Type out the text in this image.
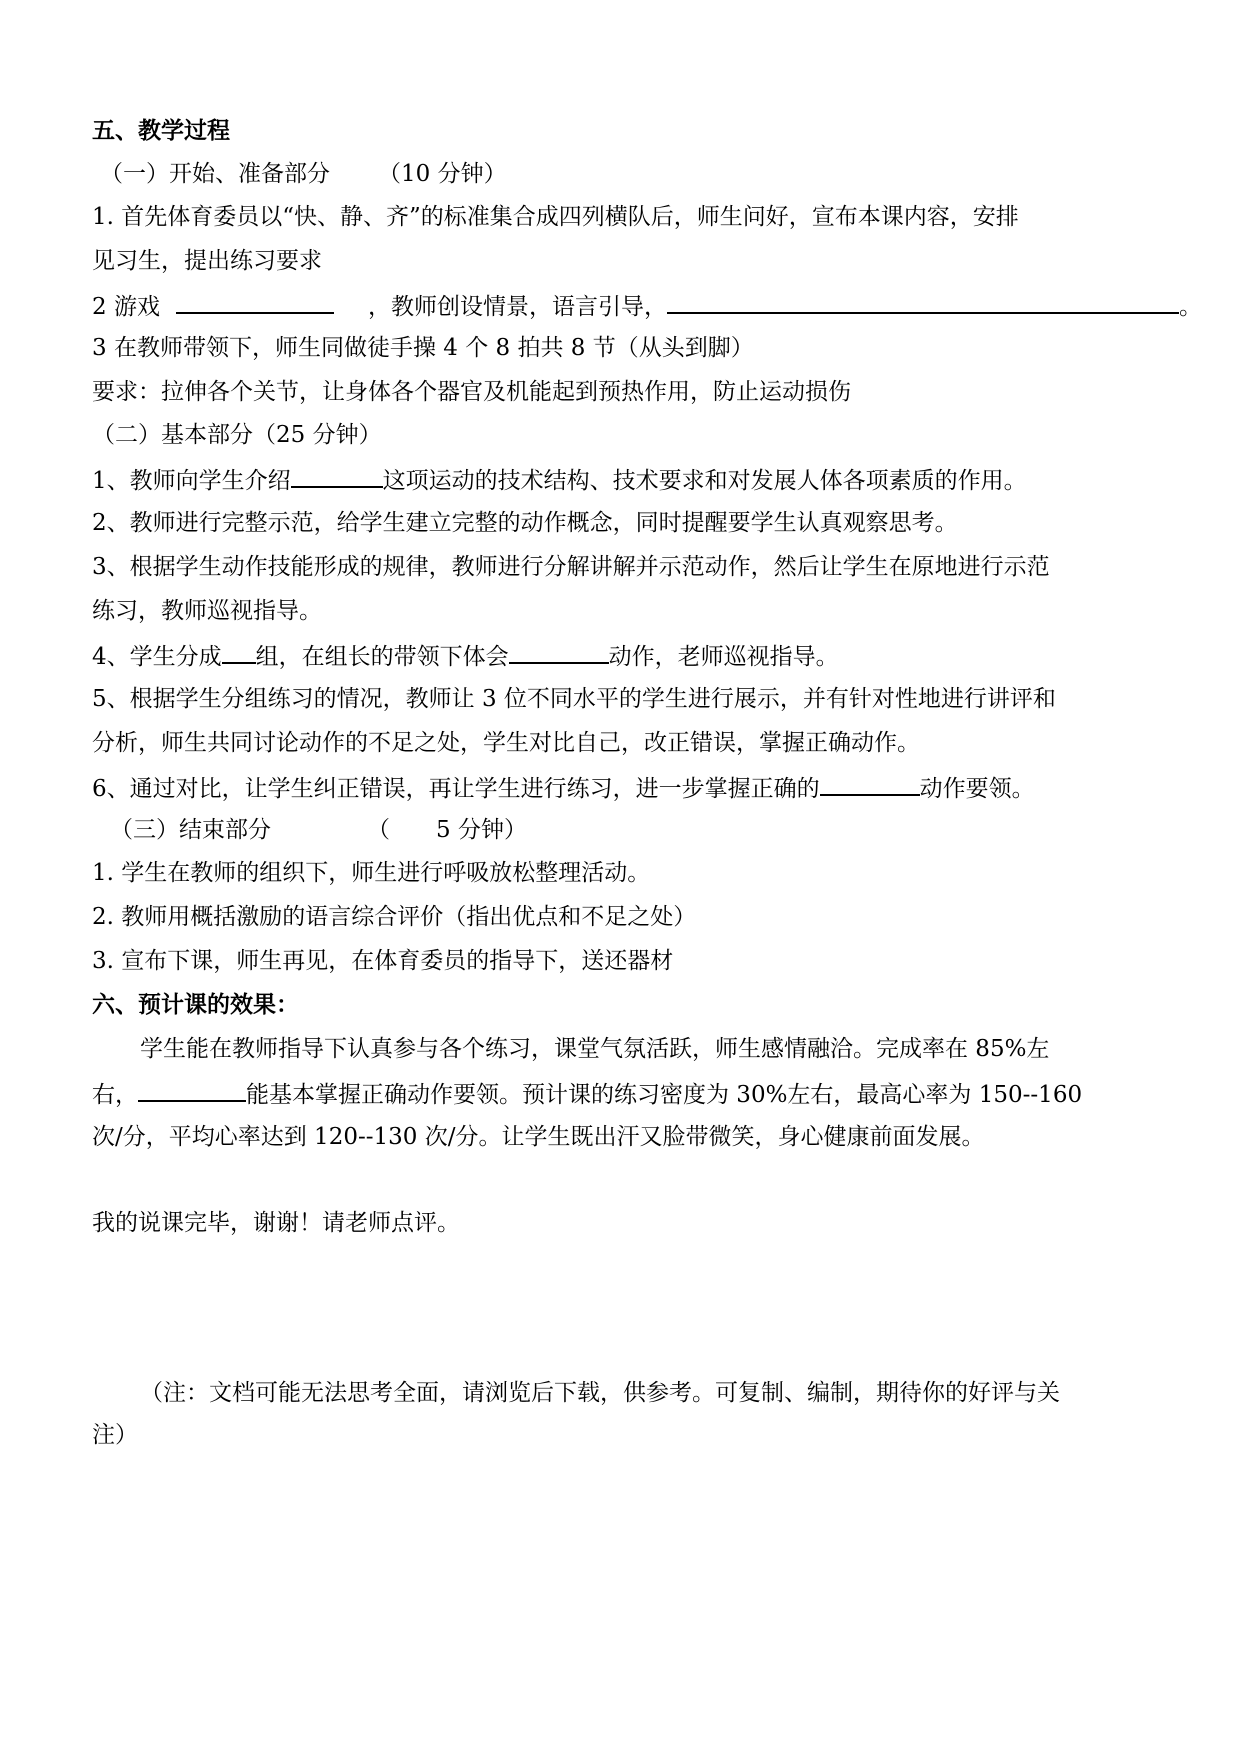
五、教学过程
（一）开始、准备部分 （10 分钟）
1. 首先体育委员以“快、静、齐”的标准集合成四列横队后，师生问好，宣布本课内容，安排
见习生，提出练习要求
2 游戏	，教师创设情景，语言引导，	。
3 在教师带领下，师生同做徒手操 4 个 8 拍共 8 节（从头到脚）
要求：拉伸各个关节，让身体各个器官及机能起到预热作用，防止运动损伤
（二）基本部分（25 分钟）
1、教师向学生介绍	这项运动的技术结构、技术要求和对发展人体各项素质的作用。
2、教师进行完整示范，给学生建立完整的动作概念，同时提醒要学生认真观察思考。
3、根据学生动作技能形成的规律，教师进行分解讲解并示范动作，然后让学生在原地进行示范
练习，教师巡视指导。
4、学生分成 组，在组长的带领下体会	动作，老师巡视指导。
5、根据学生分组练习的情况，教师让 3 位不同水平的学生进行展示，并有针对性地进行讲评和
分析，师生共同讨论动作的不足之处，学生对比自己，改正错误，掌握正确动作。
6、通过对比，让学生纠正错误，再让学生进行练习，进一步掌握正确的	动作要领。
（三）结束部分	（　　5 分钟）
1. 学生在教师的组织下，师生进行呼吸放松整理活动。
2. 教师用概括激励的语言综合评价（指出优点和不足之处）
3. 宣布下课，师生再见，在体育委员的指导下，送还器材
六、预计课的效果：
学生能在教师指导下认真参与各个练习，课堂气氛活跃，师生感情融洽。完成率在 85%左
右，	能基本掌握正确动作要领。预计课的练习密度为 30%左右，最高心率为 150--160
次/分，平均心率达到 120--130 次/分。让学生既出汗又脸带微笑，身心健康前面发展。
我的说课完毕，谢谢！请老师点评。
（注：文档可能无法思考全面，请浏览后下载，供参考。可复制、编制，期待你的好评与关
注）
